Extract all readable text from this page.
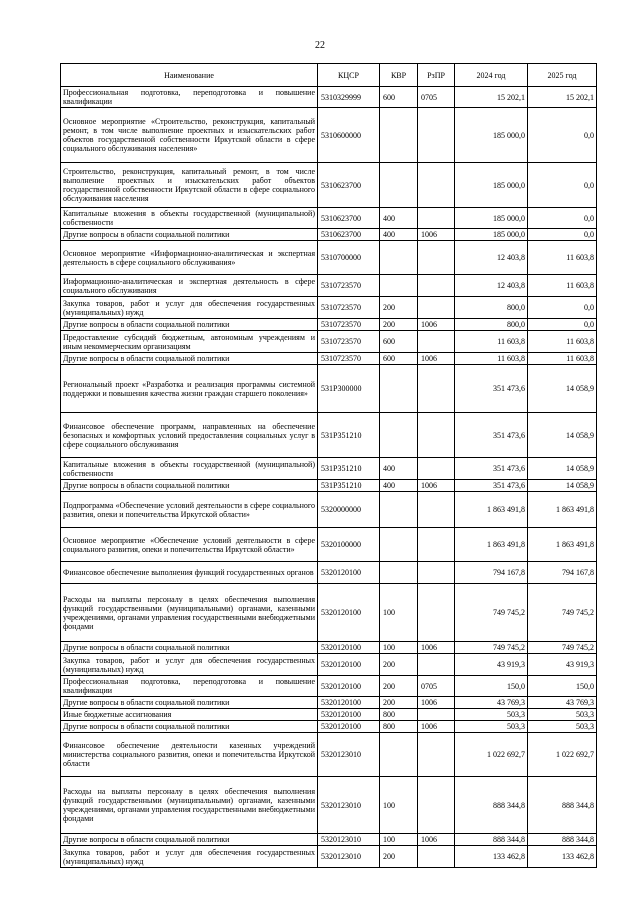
22
Наименование	КЦСР	КВР	РзПР	2024 год	2025 год
Профессиональная подготовка, переподготовка и повышение квалификации	5310329999	600	0705	15 202,1	15 202,1
Основное мероприятие «Строительство, реконструкция, капитальный ремонт, в том числе выполнение проектных и изыскательских работ объектов государственной собственности Иркутской области в сфере социального обслуживания населения»	5310600000			185 000,0	0,0
Строительство, реконструкция, капитальный ремонт, в том числе выполнение проектных и изыскательских работ объектов государственной собственности Иркутской области в сфере социального обслуживания населения	5310623700			185 000,0	0,0
Капитальные вложения в объекты государственной (муниципальной) собственности	5310623700	400		185 000,0	0,0
Другие вопросы в области социальной политики	5310623700	400	1006	185 000,0	0,0
Основное мероприятие «Информационно-аналитическая и экспертная деятельность в сфере социального обслуживания»	5310700000			12 403,8	11 603,8
Информационно-аналитическая и экспертная деятельность в сфере социального обслуживания	5310723570			12 403,8	11 603,8
Закупка товаров, работ и услуг для обеспечения государственных (муниципальных) нужд	5310723570	200		800,0	0,0
Другие вопросы в области социальной политики	5310723570	200	1006	800,0	0,0
Предоставление субсидий бюджетным, автономным учреждениям и иным некоммерческим организациям	5310723570	600		11 603,8	11 603,8
Другие вопросы в области социальной политики	5310723570	600	1006	11 603,8	11 603,8
Региональный проект «Разработка и реализация программы системной поддержки и повышения качества жизни граждан старшего поколения»	531P300000			351 473,6	14 058,9
Финансовое обеспечение программ, направленных на обеспечение безопасных и комфортных условий предоставления социальных услуг в сфере социального обслуживания	531P351210			351 473,6	14 058,9
Капитальные вложения в объекты государственной (муниципальной) собственности	531P351210	400		351 473,6	14 058,9
Другие вопросы в области социальной политики	531P351210	400	1006	351 473,6	14 058,9
Подпрограмма «Обеспечение условий деятельности в сфере социального развития, опеки и попечительства Иркутской области»	5320000000			1 863 491,8	1 863 491,8
Основное мероприятие «Обеспечение условий деятельности в сфере социального развития, опеки и попечительства Иркутской области»	5320100000			1 863 491,8	1 863 491,8
Финансовое обеспечение выполнения функций государственных органов	5320120100			794 167,8	794 167,8
Расходы на выплаты персоналу в целях обеспечения выполнения функций государственными (муниципальными) органами, казенными учреждениями, органами управления государственными внебюджетными фондами	5320120100	100		749 745,2	749 745,2
Другие вопросы в области социальной политики	5320120100	100	1006	749 745,2	749 745,2
Закупка товаров, работ и услуг для обеспечения государственных (муниципальных) нужд	5320120100	200		43 919,3	43 919,3
Профессиональная подготовка, переподготовка и повышение квалификации	5320120100	200	0705	150,0	150,0
Другие вопросы в области социальной политики	5320120100	200	1006	43 769,3	43 769,3
Иные бюджетные ассигнования	5320120100	800		503,3	503,3
Другие вопросы в области социальной политики	5320120100	800	1006	503,3	503,3
Финансовое обеспечение деятельности казенных учреждений министерства социального развития, опеки и попечительства Иркутской области	5320123010			1 022 692,7	1 022 692,7
Расходы на выплаты персоналу в целях обеспечения выполнения функций государственными (муниципальными) органами, казенными учреждениями, органами управления государственными внебюджетными фондами	5320123010	100		888 344,8	888 344,8
Другие вопросы в области социальной политики	5320123010	100	1006	888 344,8	888 344,8
Закупка товаров, работ и услуг для обеспечения государственных (муниципальных) нужд	5320123010	200		133 462,8	133 462,8
